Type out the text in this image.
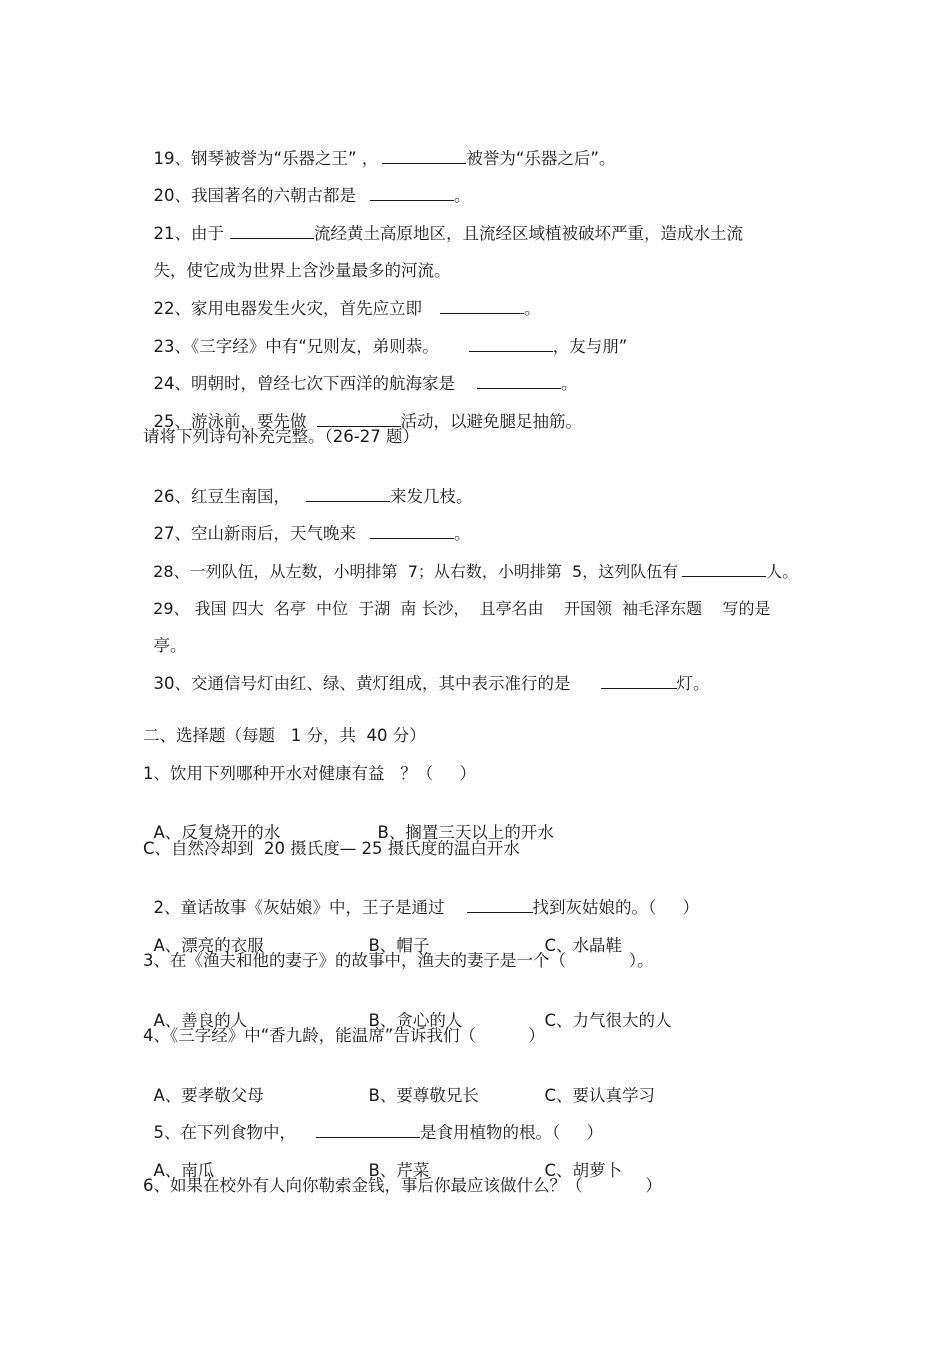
19、钢琴被誉为“乐器之王” ，	被誉为“乐器之后”。

20、我国著名的六朝古都是	。

21、由于	流经黄土高原地区，且流经区域植被破坏严重，造成水土流

失，使它成为世界上含沙量最多的河流。

22、家用电器发生火灾，首先应立即	。

23、《三字经》中有“兄则友，弟则恭。	，友与朋”

24、明朝时，曾经七次下西洋的航海家是	。

25、游泳前，要先做	活动，以避免腿足抽筋。

请将下列诗句补充完整。（26-27 题）

26、红豆生南国，	来发几枝。

27、空山新雨后，天气晚来	。

28、一列队伍，从左数，小明排第  7；从右数，小明排第  5，这列队伍有	人。

29、 我国 四大  名亭  中位  于湖  南 长沙，  且亭名由    开国领  袖毛泽东题    写的是

亭。

30、交通信号灯由红、绿、黄灯组成，其中表示准行的是	灯。

二、选择题（每题   1 分，共  40 分）
1、饮用下列哪种开水对健康有益   ？（     ）

A、反复烧开的水	B、搁置三天以上的开水

C、自然冷却到  20 摄氏度— 25 摄氏度的温白开水

2、童话故事《灰姑娘》中，王子是通过	找到灰姑娘的。（     ）

A、漂亮的衣服	B、帽子	C、水晶鞋

3、在《渔夫和他的妻子》的故事中，渔夫的妻子是一个（            ）。

A、善良的人	B、贪心的人	C、力气很大的人

4、《三字经》中“香九龄，能温席”告诉我们（          ）

A、要孝敬父母	B、要尊敬兄长	C、要认真学习

5、在下列食物中，	是食用植物的根。（     ）

A、南瓜	B、芹菜	C、胡萝卜

6、如果在校外有人向你勒索金钱，事后你最应该做什么？（            ）
